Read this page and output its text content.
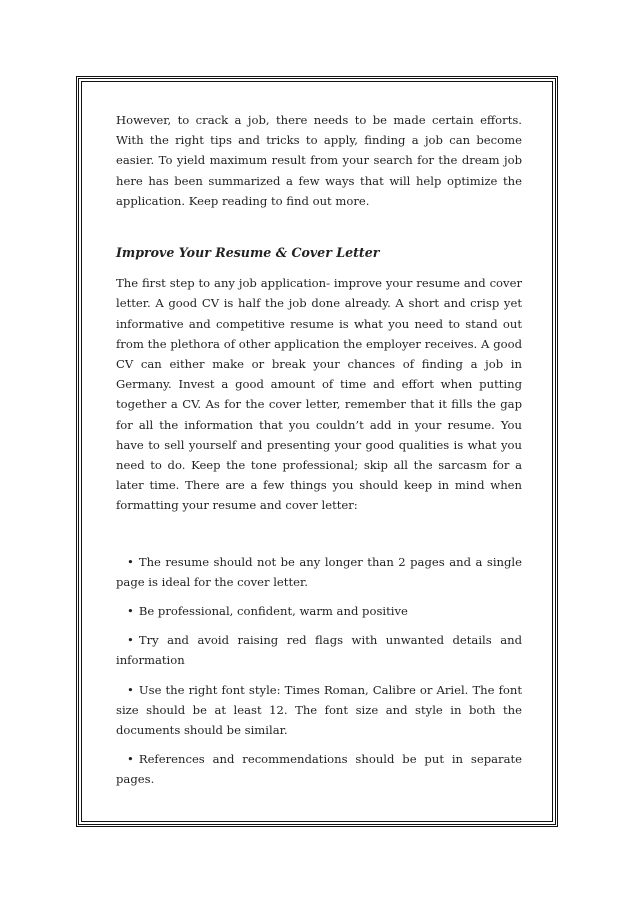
However, to crack a job, there needs to be made certain efforts. With the right tips and tricks to apply, finding a job can become easier. To yield maximum result from your search for the dream job here has been summarized a few ways that will help optimize the application. Keep reading to find out more.

Improve Your Resume & Cover Letter

The first step to any job application- improve your resume and cover letter. A good CV is half the job done already. A short and crisp yet informative and competitive resume is what you need to stand out from the plethora of other application the employer receives. A good CV can either make or break your chances of finding a job in Germany. Invest a good amount of time and effort when putting together a CV. As for the cover letter, remember that it fills the gap for all the information that you couldn’t add in your resume. You have to sell yourself and presenting your good qualities is what you need to do. Keep the tone professional; skip all the sarcasm for a later time. There are a few things you should keep in mind when formatting your resume and cover letter:

• The resume should not be any longer than 2 pages and a single page is ideal for the cover letter.

• Be professional, confident, warm and positive

• Try and avoid raising red flags with unwanted details and information

• Use the right font style: Times Roman, Calibre or Ariel. The font size should be at least 12. The font size and style in both the documents should be similar.

• References and recommendations should be put in separate pages.
